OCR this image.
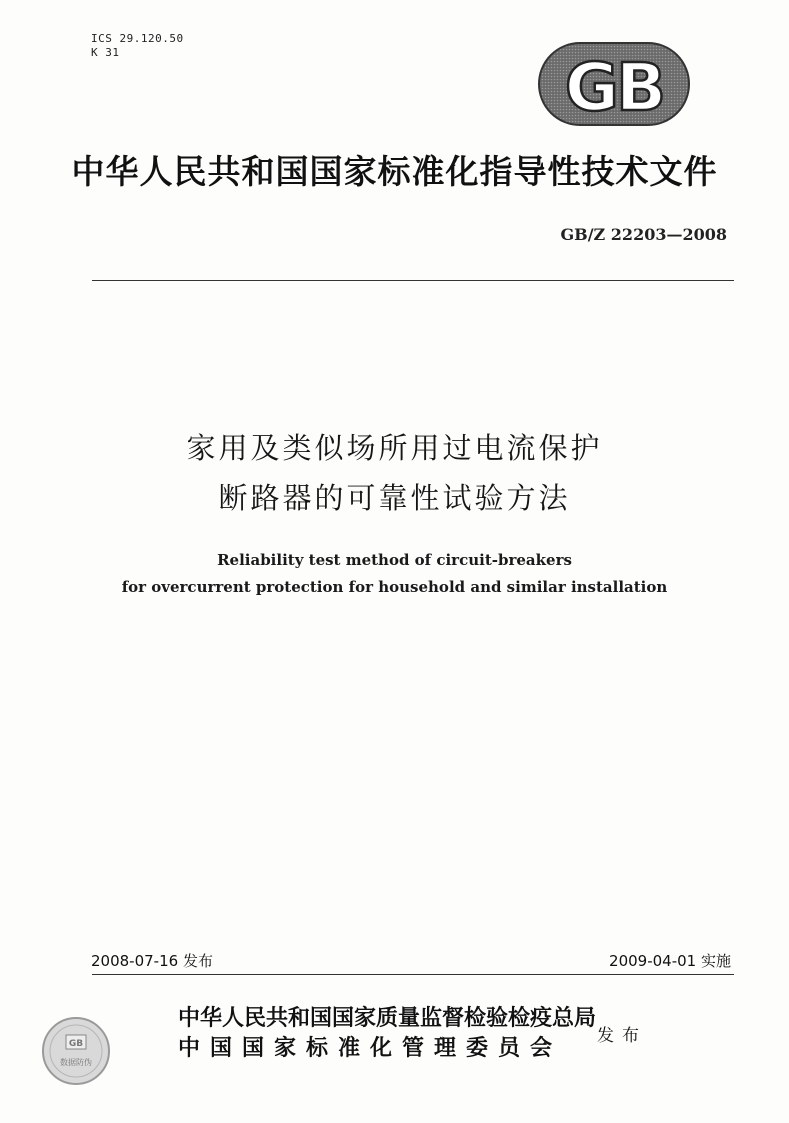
ICS 29.120.50
K 31	GB
中华人民共和国国家标准化指导性技术文件
GB/Z 22203—2008
家用及类似场所用过电流保护
断路器的可靠性试验方法
Reliability test method of circuit-breakers
for overcurrent protection for household and similar installation
2008-07-16 发布	2009-04-01 实施
GB
数据防伪
中华人民共和国国家质量监督检验检疫总局
中国国家标准化管理委员会 发布
